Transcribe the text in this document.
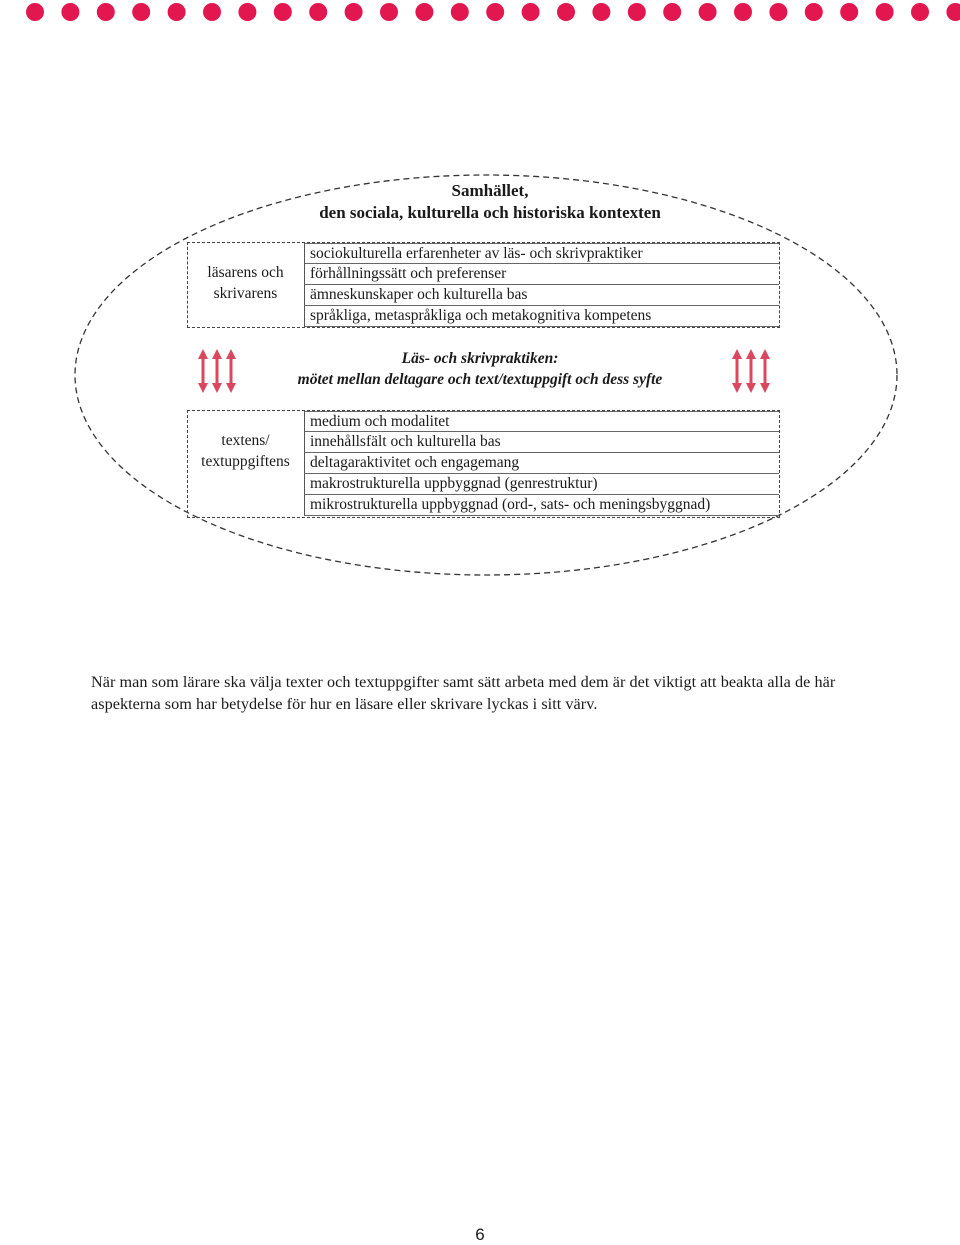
Samhället,
den sociala, kulturella och historiska kontexten
läsarens och
skrivarens
sociokulturella erfarenheter av läs- och skrivpraktiker
förhållningssätt och preferenser
ämneskunskaper och kulturella bas
språkliga, metaspråkliga och metakognitiva kompetens
Läs- och skrivpraktiken:
mötet mellan deltagare och text/textuppgift och dess syfte
textens/
textuppgiftens
medium och modalitet
innehållsfält och kulturella bas
deltagaraktivitet och engagemang
makrostrukturella uppbyggnad (genrestruktur)
mikrostrukturella uppbyggnad (ord-, sats- och meningsbyggnad)
När man som lärare ska välja texter och textuppgifter samt sätt arbeta med dem är det viktigt att beakta alla de här aspekterna som har betydelse för hur en läsare eller skrivare lyckas i sitt värv.
6
